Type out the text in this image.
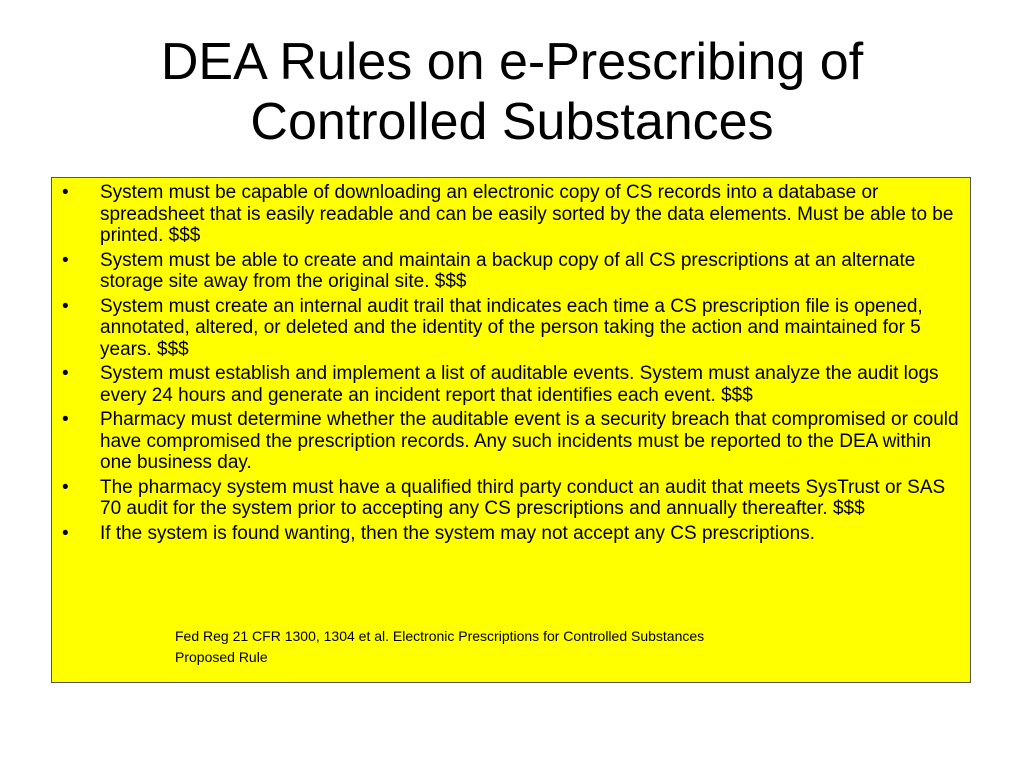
DEA Rules on e-Prescribing of
Controlled Substances
• System must be capable of downloading an electronic copy of CS records into a database or spreadsheet that is easily readable and can be easily sorted by the data elements. Must be able to be printed. $$$
• System must be able to create and maintain a backup copy of all CS prescriptions at an alternate storage site away from the original site. $$$
• System must create an internal audit trail that indicates each time a CS prescription file is opened, annotated, altered, or deleted and the identity of the person taking the action and maintained for 5 years. $$$
• System must establish and implement a list of auditable events. System must analyze the audit logs every 24 hours and generate an incident report that identifies each event. $$$
• Pharmacy must determine whether the auditable event is a security breach that compromised or could have compromised the prescription records. Any such incidents must be reported to the DEA within one business day.
• The pharmacy system must have a qualified third party conduct an audit that meets SysTrust or SAS 70 audit for the system prior to accepting any CS prescriptions and annually thereafter. $$$
• If the system is found wanting, then the system may not accept any CS prescriptions.
Fed Reg 21 CFR 1300, 1304 et al. Electronic Prescriptions for Controlled Substances
Proposed Rule
